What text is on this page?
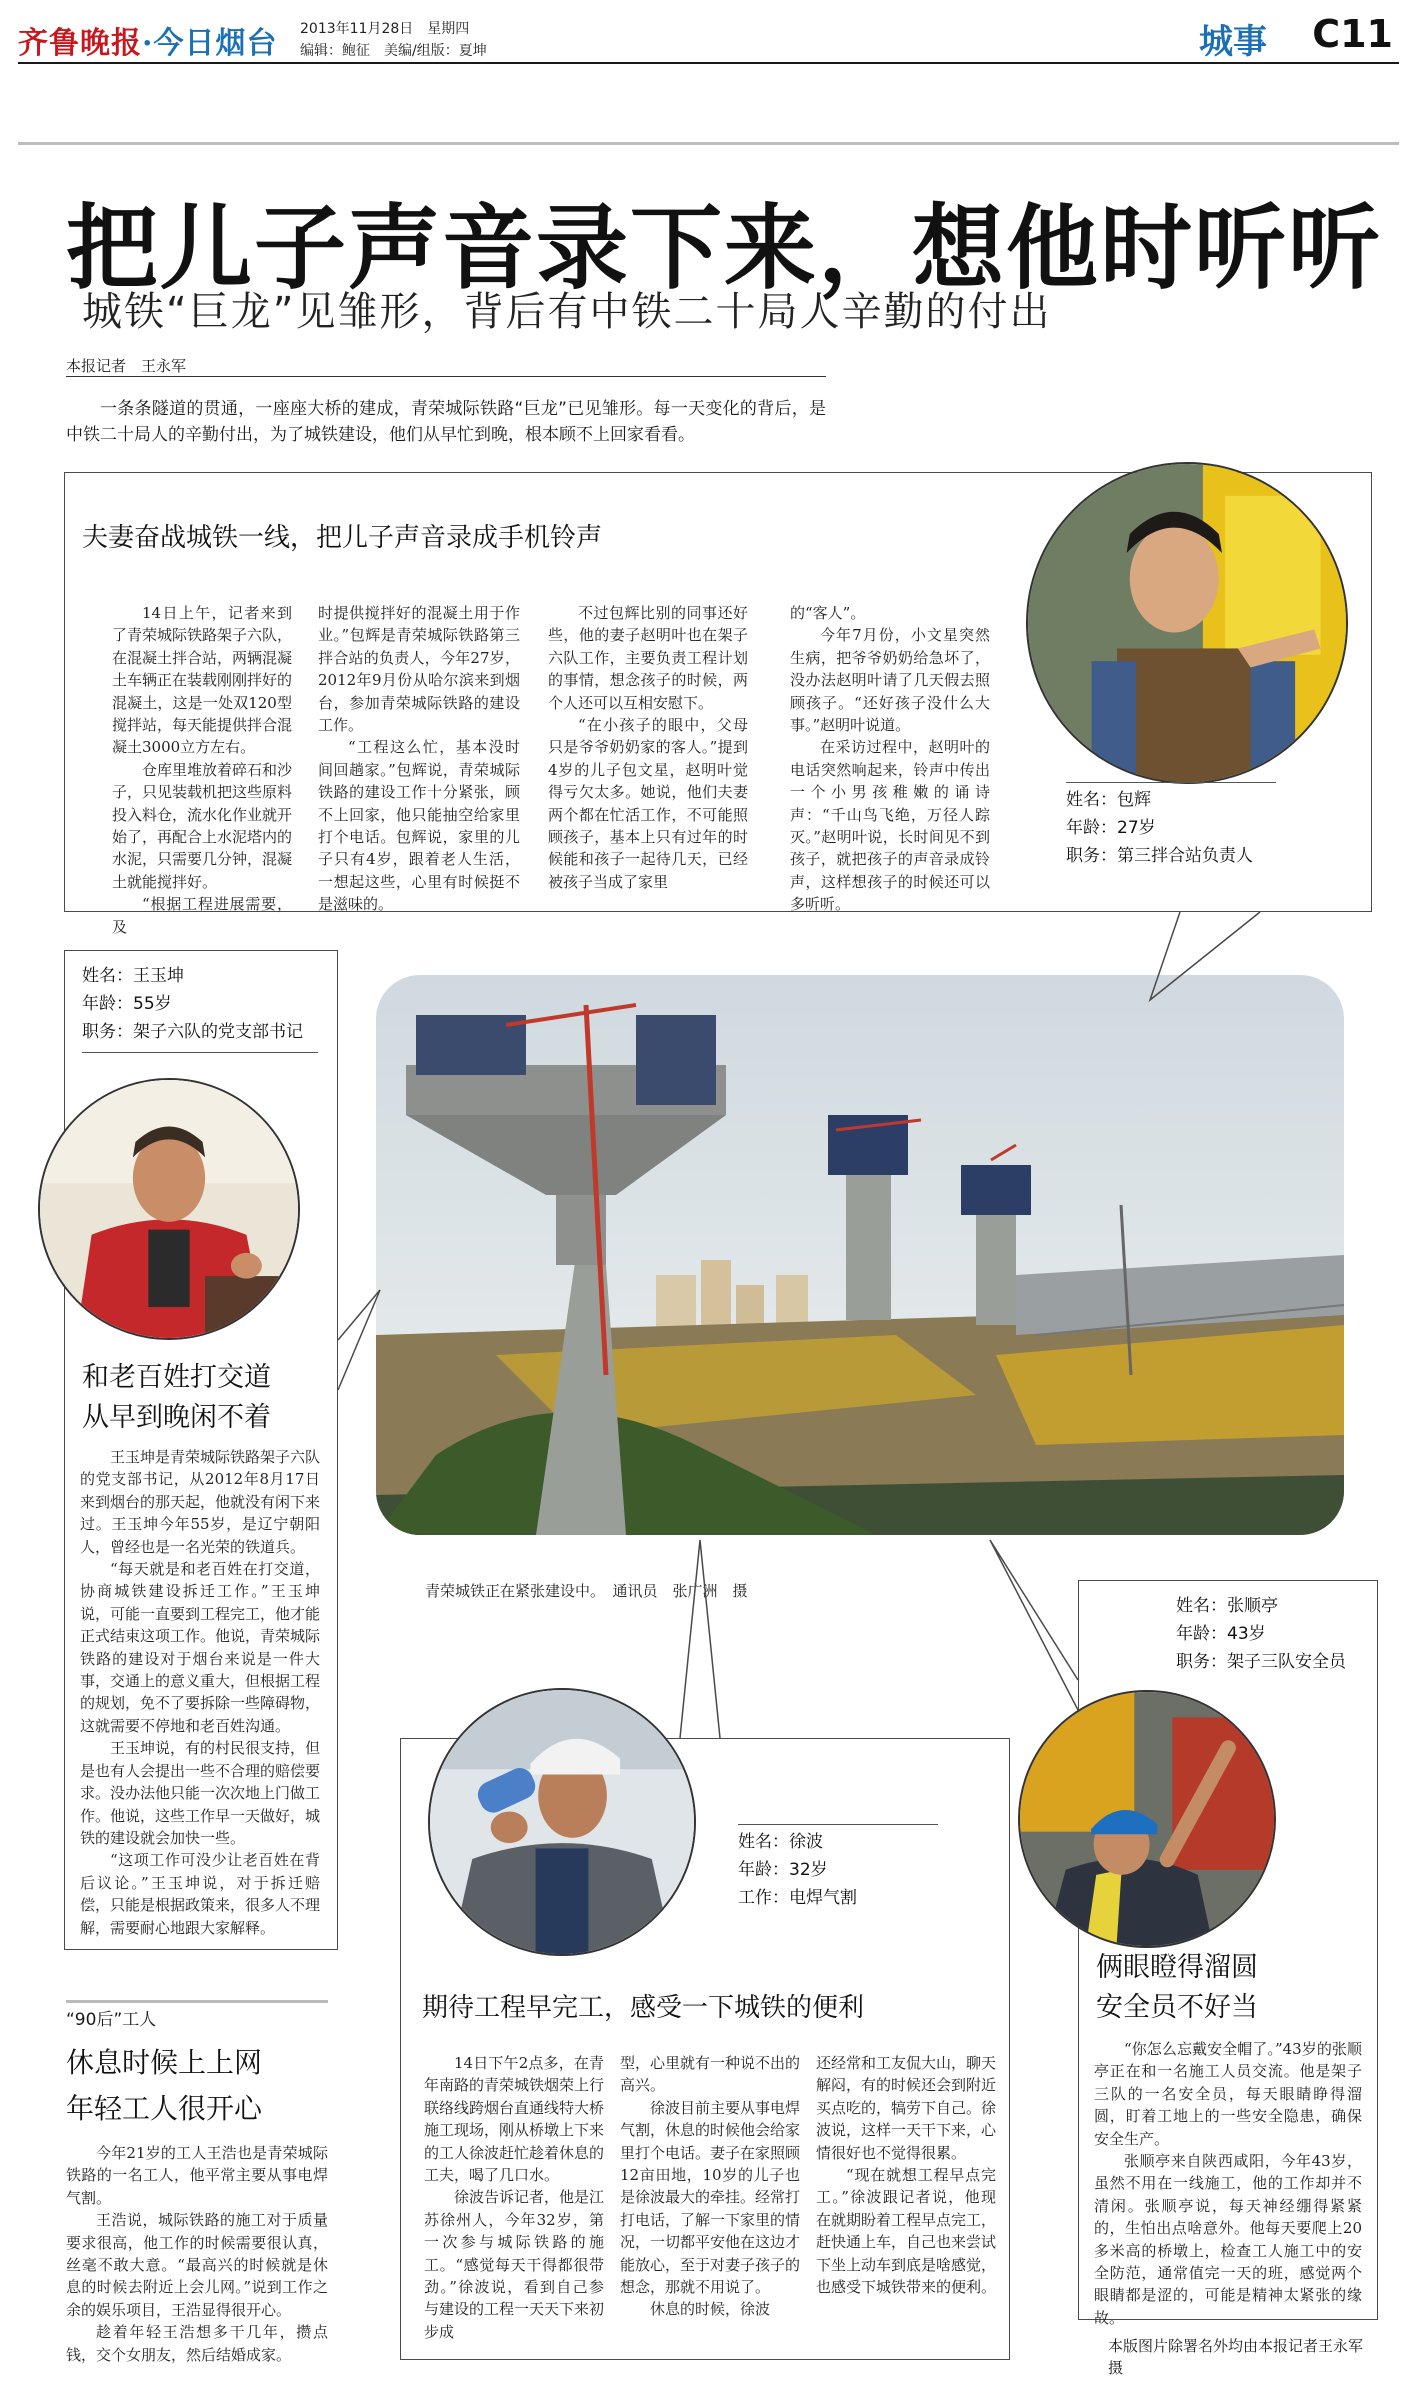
齐鲁晚报·今日烟台 2013年11月28日　星期四
编辑：鲍征　美编/组版：夏坤	城事 C11
把儿子声音录下来，想他时听听
城铁“巨龙”见雏形，背后有中铁二十局人辛勤的付出
本报记者　王永军
一条条隧道的贯通，一座座大桥的建成，青荣城际铁路“巨龙”已见雏形。每一天变化的背后，是中铁二十局人的辛勤付出，为了城铁建设，他们从早忙到晚，根本顾不上回家看看。
夫妻奋战城铁一线，把儿子声音录成手机铃声

14日上午，记者来到了青荣城际铁路架子六队，在混凝土拌合站，两辆混凝土车辆正在装载刚刚拌好的混凝土，这是一处双120型搅拌站，每天能提供拌合混凝土3000立方左右。

仓库里堆放着碎石和沙子，只见装载机把这些原料投入料仓，流水化作业就开始了，再配合上水泥塔内的水泥，只需要几分钟，混凝土就能搅拌好。

“根据工程进展需要，及

时提供搅拌好的混凝土用于作业。”包辉是青荣城际铁路第三拌合站的负责人，今年27岁，2012年9月份从哈尔滨来到烟台，参加青荣城际铁路的建设工作。

“工程这么忙，基本没时间回趟家。”包辉说，青荣城际铁路的建设工作十分紧张，顾不上回家，他只能抽空给家里打个电话。包辉说，家里的儿子只有4岁，跟着老人生活，一想起这些，心里有时候挺不是滋味的。

不过包辉比别的同事还好些，他的妻子赵明叶也在架子六队工作，主要负责工程计划的事情，想念孩子的时候，两个人还可以互相安慰下。

“在小孩子的眼中，父母只是爷爷奶奶家的客人。”提到4岁的儿子包文星，赵明叶觉得亏欠太多。她说，他们夫妻两个都在忙活工作，不可能照顾孩子，基本上只有过年的时候能和孩子一起待几天，已经被孩子当成了家里

的“客人”。

今年7月份，小文星突然生病，把爷爷奶奶给急坏了，没办法赵明叶请了几天假去照顾孩子。“还好孩子没什么大事。”赵明叶说道。

在采访过程中，赵明叶的电话突然响起来，铃声中传出一个小男孩稚嫩的诵诗声：“千山鸟飞绝，万径人踪灭。”赵明叶说，长时间见不到孩子，就把孩子的声音录成铃声，这样想孩子的时候还可以多听听。

姓名：包辉
年龄：27岁
职务：第三拌合站负责人
姓名：王玉坤
年龄：55岁
职务：架子六队的党支部书记
和老百姓打交道
从早到晚闲不着

王玉坤是青荣城际铁路架子六队的党支部书记，从2012年8月17日来到烟台的那天起，他就没有闲下来过。王玉坤今年55岁，是辽宁朝阳人，曾经也是一名光荣的铁道兵。

“每天就是和老百姓在打交道，协商城铁建设拆迁工作。”王玉坤说，可能一直要到工程完工，他才能正式结束这项工作。他说，青荣城际铁路的建设对于烟台来说是一件大事，交通上的意义重大，但根据工程的规划，免不了要拆除一些障碍物，这就需要不停地和老百姓沟通。

王玉坤说，有的村民很支持，但是也有人会提出一些不合理的赔偿要求。没办法他只能一次次地上门做工作。他说，这些工作早一天做好，城铁的建设就会加快一些。

“这项工作可没少让老百姓在背后议论。”王玉坤说，对于拆迁赔偿，只能是根据政策来，很多人不理解，需要耐心地跟大家解释。

“90后”工人
休息时候上上网
年轻工人很开心

今年21岁的工人王浩也是青荣城际铁路的一名工人，他平常主要从事电焊气割。

王浩说，城际铁路的施工对于质量要求很高，他工作的时候需要很认真，丝毫不敢大意。“最高兴的时候就是休息的时候去附近上会儿网。”说到工作之余的娱乐项目，王浩显得很开心。

趁着年轻王浩想多干几年，攒点钱，交个女朋友，然后结婚成家。

青荣城铁正在紧张建设中。　通讯员　张广洲　摄
姓名：徐波
年龄：32岁
工作：电焊气割
期待工程早完工，感受一下城铁的便利

14日下午2点多，在青年南路的青荣城铁烟荣上行联络线跨烟台直通线特大桥施工现场，刚从桥墩上下来的工人徐波赶忙趁着休息的工夫，喝了几口水。

徐波告诉记者，他是江苏徐州人，今年32岁，第一次参与城际铁路的施工。“感觉每天干得都很带劲。”徐波说，看到自己参与建设的工程一天天下来初步成

型，心里就有一种说不出的高兴。

徐波目前主要从事电焊气割，休息的时候他会给家里打个电话。妻子在家照顾12亩田地，10岁的儿子也是徐波最大的牵挂。经常打打电话，了解一下家里的情况，一切都平安他在这边才能放心，至于对妻子孩子的想念，那就不用说了。

休息的时候，徐波

还经常和工友侃大山，聊天解闷，有的时候还会到附近买点吃的，犒劳下自己。徐波说，这样一天干下来，心情很好也不觉得很累。

“现在就想工程早点完工。”徐波跟记者说，他现在就期盼着工程早点完工，赶快通上车，自己也来尝试下坐上动车到底是啥感觉，也感受下城铁带来的便利。

姓名：张顺亭
年龄：43岁
职务：架子三队安全员
俩眼瞪得溜圆
安全员不好当

“你怎么忘戴安全帽了。”43岁的张顺亭正在和一名施工人员交流。他是架子三队的一名安全员，每天眼睛睁得溜圆，盯着工地上的一些安全隐患，确保安全生产。

张顺亭来自陕西咸阳，今年43岁，虽然不用在一线施工，他的工作却并不清闲。张顺亭说，每天神经绷得紧紧的，生怕出点啥意外。他每天要爬上20多米高的桥墩上，检查工人施工中的安全防范，通常值完一天的班，感觉两个眼睛都是涩的，可能是精神太紧张的缘故。

本版图片除署名外均由本报记者王永军　摄
